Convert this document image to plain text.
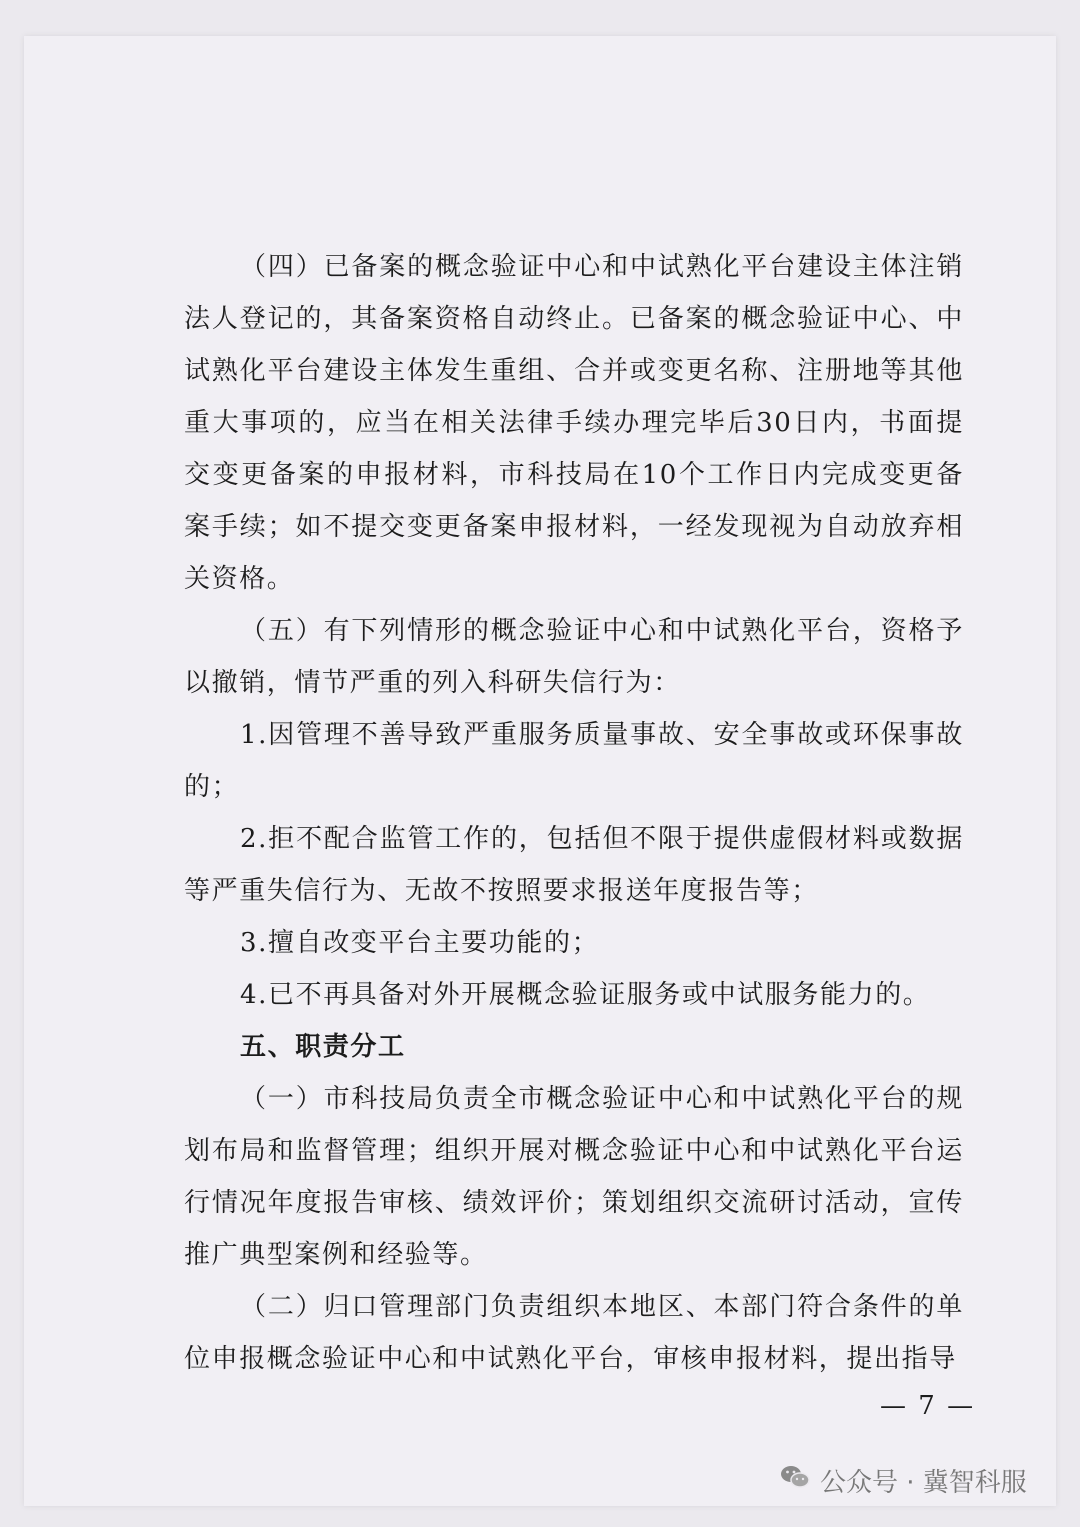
（四）已备案的概念验证中心和中试熟化平台建设主体注销法人登记的，其备案资格自动终止。已备案的概念验证中心、中试熟化平台建设主体发生重组、合并或变更名称、注册地等其他重大事项的，应当在相关法律手续办理完毕后30日内，书面提交变更备案的申报材料，市科技局在10个工作日内完成变更备案手续；如不提交变更备案申报材料，一经发现视为自动放弃相关资格。

（五）有下列情形的概念验证中心和中试熟化平台，资格予以撤销，情节严重的列入科研失信行为：

1.因管理不善导致严重服务质量事故、安全事故或环保事故的；

2.拒不配合监管工作的，包括但不限于提供虚假材料或数据等严重失信行为、无故不按照要求报送年度报告等；

3.擅自改变平台主要功能的；

4.已不再具备对外开展概念验证服务或中试服务能力的。

五、职责分工

（一）市科技局负责全市概念验证中心和中试熟化平台的规划布局和监督管理；组织开展对概念验证中心和中试熟化平台运行情况年度报告审核、绩效评价；策划组织交流研讨活动，宣传推广典型案例和经验等。

（二）归口管理部门负责组织本地区、本部门符合条件的单位申报概念验证中心和中试熟化平台，审核申报材料，提出指导

— 7 —
公众号 · 冀智科服
